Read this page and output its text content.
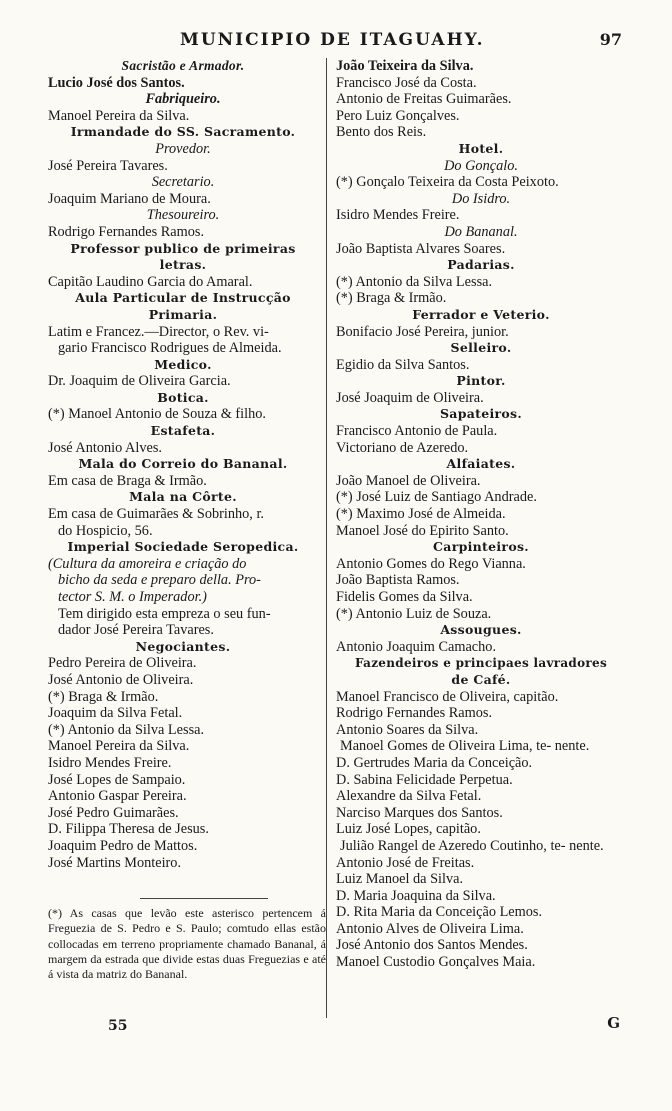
MUNICIPIO DE ITAGUAHY.	97
Sacristão e Armador.
Lucio José dos Santos.
Fabriqueiro.
Manoel Pereira da Silva.
Irmandade do SS. Sacramento.
Provedor.
José Pereira Tavares.
Secretario.
Joaquim Mariano de Moura.
Thesoureiro.
Rodrigo Fernandes Ramos.
Professor publico de primeiras
letras.
Capitão Laudino Garcia do Amaral.
Aula Particular de Instrucção
Primaria.
Latim e Francez.—Director, o Rev. vi-
gario Francisco Rodrigues de Almeida.
Medico.
Dr. Joaquim de Oliveira Garcia.
Botica.
(*) Manoel Antonio de Souza & filho.
Estafeta.
José Antonio Alves.
Mala do Correio do Bananal.
Em casa de Braga & Irmão.
Mala na Côrte.
Em casa de Guimarães & Sobrinho, r.
do Hospicio, 56.
Imperial Sociedade Seropedica.
(Cultura da amoreira e criação do
bicho da seda e preparo della. Pro-
tector S. M. o Imperador.)
Tem dirigido esta empreza o seu fun-
dador José Pereira Tavares.
Negociantes.
Pedro Pereira de Oliveira.
José Antonio de Oliveira.
(*) Braga & Irmão.
Joaquim da Silva Fetal.
(*) Antonio da Silva Lessa.
Manoel Pereira da Silva.
Isidro Mendes Freire.
José Lopes de Sampaio.
Antonio Gaspar Pereira.
José Pedro Guimarães.
D. Filippa Theresa de Jesus.
Joaquim Pedro de Mattos.
José Martins Monteiro.
(*) As casas que levão este asterisco pertencem á Freguezia de S. Pedro e S. Paulo; comtudo ellas estão collocadas em terreno propriamente chamado Bananal, á margem da estrada que divide estas duas Freguezias e até á vista da matriz do Bananal.
55
João Teixeira da Silva.
Francisco José da Costa.
Antonio de Freitas Guimarães.
Pero Luiz Gonçalves.
Bento dos Reis.
Hotel.
Do Gonçalo.
(*) Gonçalo Teixeira da Costa Peixoto.
Do Isidro.
Isidro Mendes Freire.
Do Bananal.
João Baptista Alvares Soares.
Padarias.
(*) Antonio da Silva Lessa.
(*) Braga & Irmão.
Ferrador e Veterio.
Bonifacio José Pereira, junior.
Selleiro.
Egidio da Silva Santos.
Pintor.
José Joaquim de Oliveira.
Sapateiros.
Francisco Antonio de Paula.
Victoriano de Azeredo.
Alfaiates.
João Manoel de Oliveira.
(*) José Luiz de Santiago Andrade.
(*) Maximo José de Almeida.
Manoel José do Epirito Santo.
Carpinteiros.
Antonio Gomes do Rego Vianna.
João Baptista Ramos.
Fidelis Gomes da Silva.
(*) Antonio Luiz de Souza.
Assougues.
Antonio Joaquim Camacho.
Fazendeiros e principaes lavradores
de Café.
Manoel Francisco de Oliveira, capitão.
Rodrigo Fernandes Ramos.
Antonio Soares da Silva.
Manoel Gomes de Oliveira Lima, te- nente.
D. Gertrudes Maria da Conceição.
D. Sabina Felicidade Perpetua.
Alexandre da Silva Fetal.
Narciso Marques dos Santos.
Luiz José Lopes, capitão.
Julião Rangel de Azeredo Coutinho, te- nente.
Antonio José de Freitas.
Luiz Manoel da Silva.
D. Maria Joaquina da Silva.
D. Rita Maria da Conceição Lemos.
Antonio Alves de Oliveira Lima.
José Antonio dos Santos Mendes.
Manoel Custodio Gonçalves Maia.
G
